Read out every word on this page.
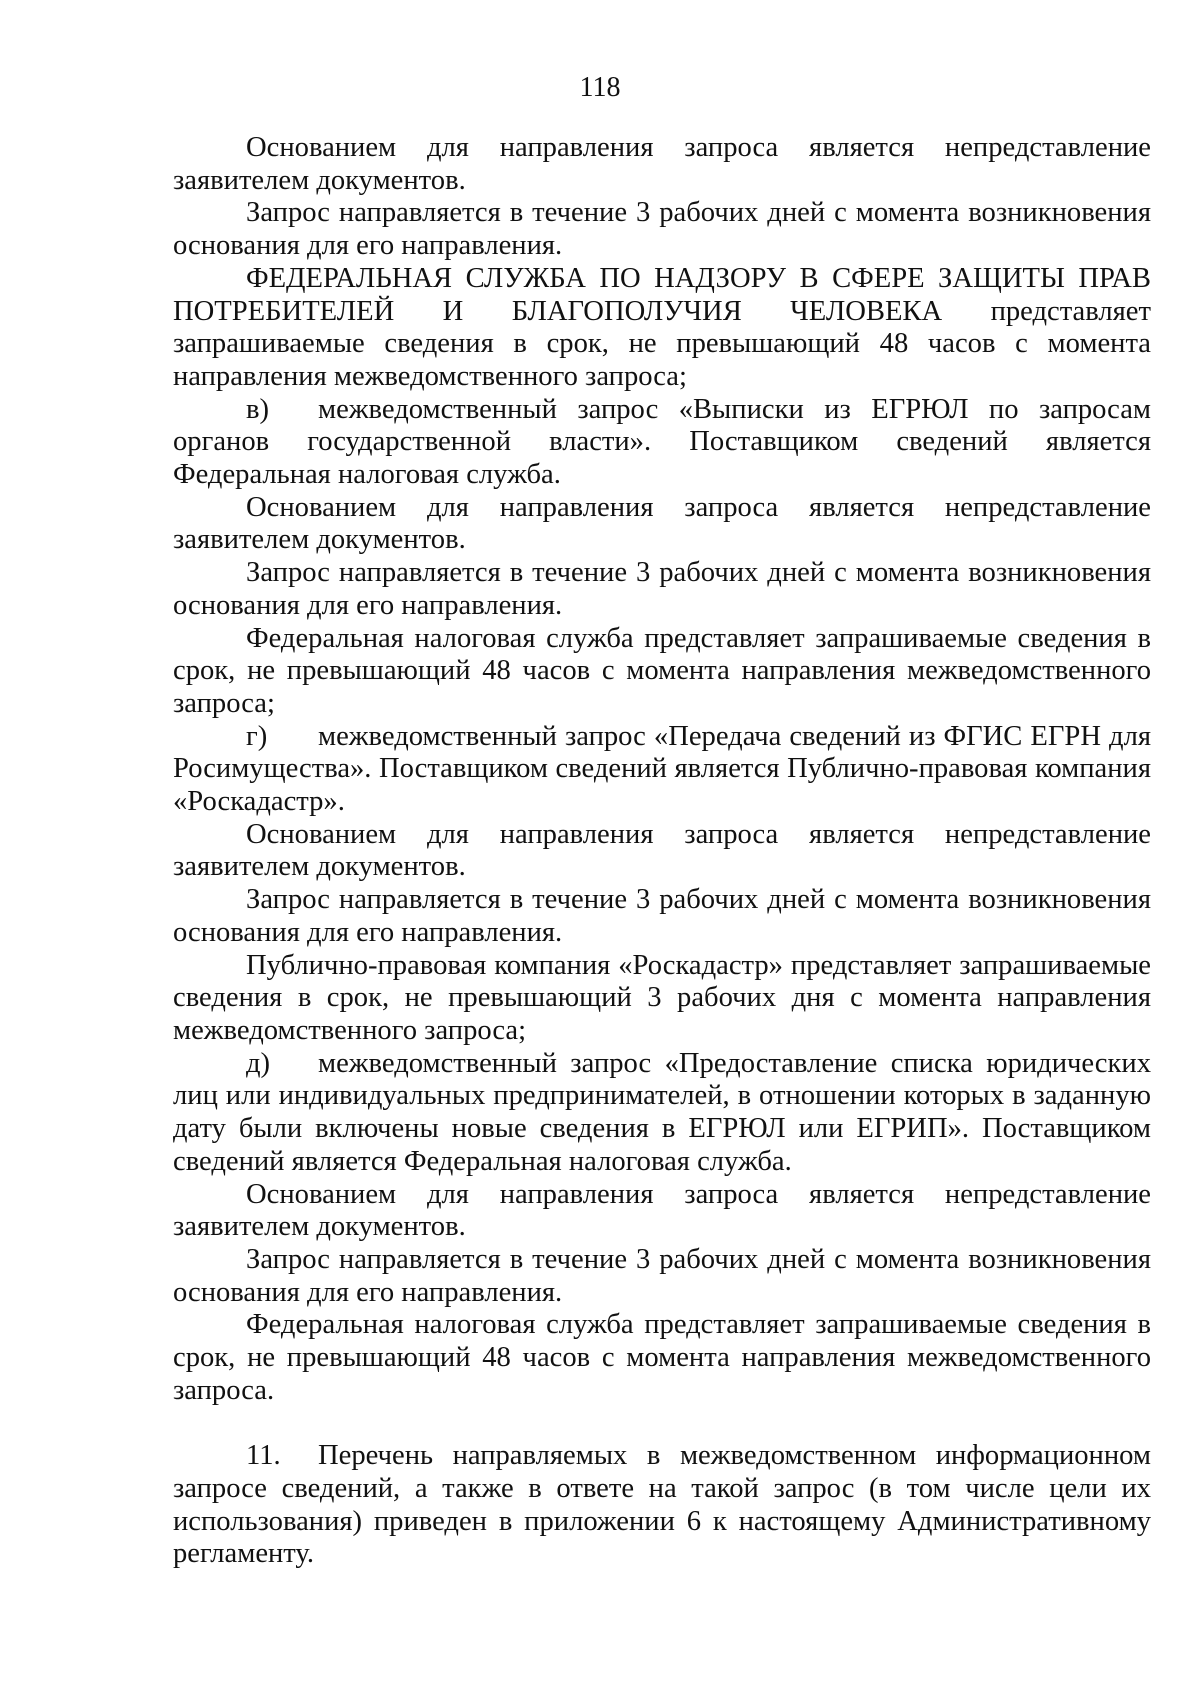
118

Основанием для направления запроса является непредставление заявителем документов.

Запрос направляется в течение 3 рабочих дней с момента возникновения основания для его направления.

ФЕДЕРАЛЬНАЯ СЛУЖБА ПО НАДЗОРУ В СФЕРЕ ЗАЩИТЫ ПРАВ ПОТРЕБИТЕЛЕЙ И БЛАГОПОЛУЧИЯ ЧЕЛОВЕКА представляет запрашиваемые сведения в срок, не превышающий 48 часов с момента направления межведомственного запроса;

в) межведомственный запрос «Выписки из ЕГРЮЛ по запросам органов государственной власти». Поставщиком сведений является Федеральная налоговая служба.

Основанием для направления запроса является непредставление заявителем документов.

Запрос направляется в течение 3 рабочих дней с момента возникновения основания для его направления.

Федеральная налоговая служба представляет запрашиваемые сведения в срок, не превышающий 48 часов с момента направления межведомственного запроса;

г) межведомственный запрос «Передача сведений из ФГИС ЕГРН для Росимущества». Поставщиком сведений является Публично-правовая компания «Роскадастр».

Основанием для направления запроса является непредставление заявителем документов.

Запрос направляется в течение 3 рабочих дней с момента возникновения основания для его направления.

Публично-правовая компания «Роскадастр» представляет запрашиваемые сведения в срок, не превышающий 3 рабочих дня с момента направления межведомственного запроса;

д) межведомственный запрос «Предоставление списка юридических лиц или индивидуальных предпринимателей, в отношении которых в заданную дату были включены новые сведения в ЕГРЮЛ или ЕГРИП». Поставщиком сведений является Федеральная налоговая служба.

Основанием для направления запроса является непредставление заявителем документов.

Запрос направляется в течение 3 рабочих дней с момента возникновения основания для его направления.

Федеральная налоговая служба представляет запрашиваемые сведения в срок, не превышающий 48 часов с момента направления межведомственного запроса.

11. Перечень направляемых в межведомственном информационном запросе сведений, а также в ответе на такой запрос (в том числе цели их использования) приведен в приложении 6 к настоящему Административному регламенту.
